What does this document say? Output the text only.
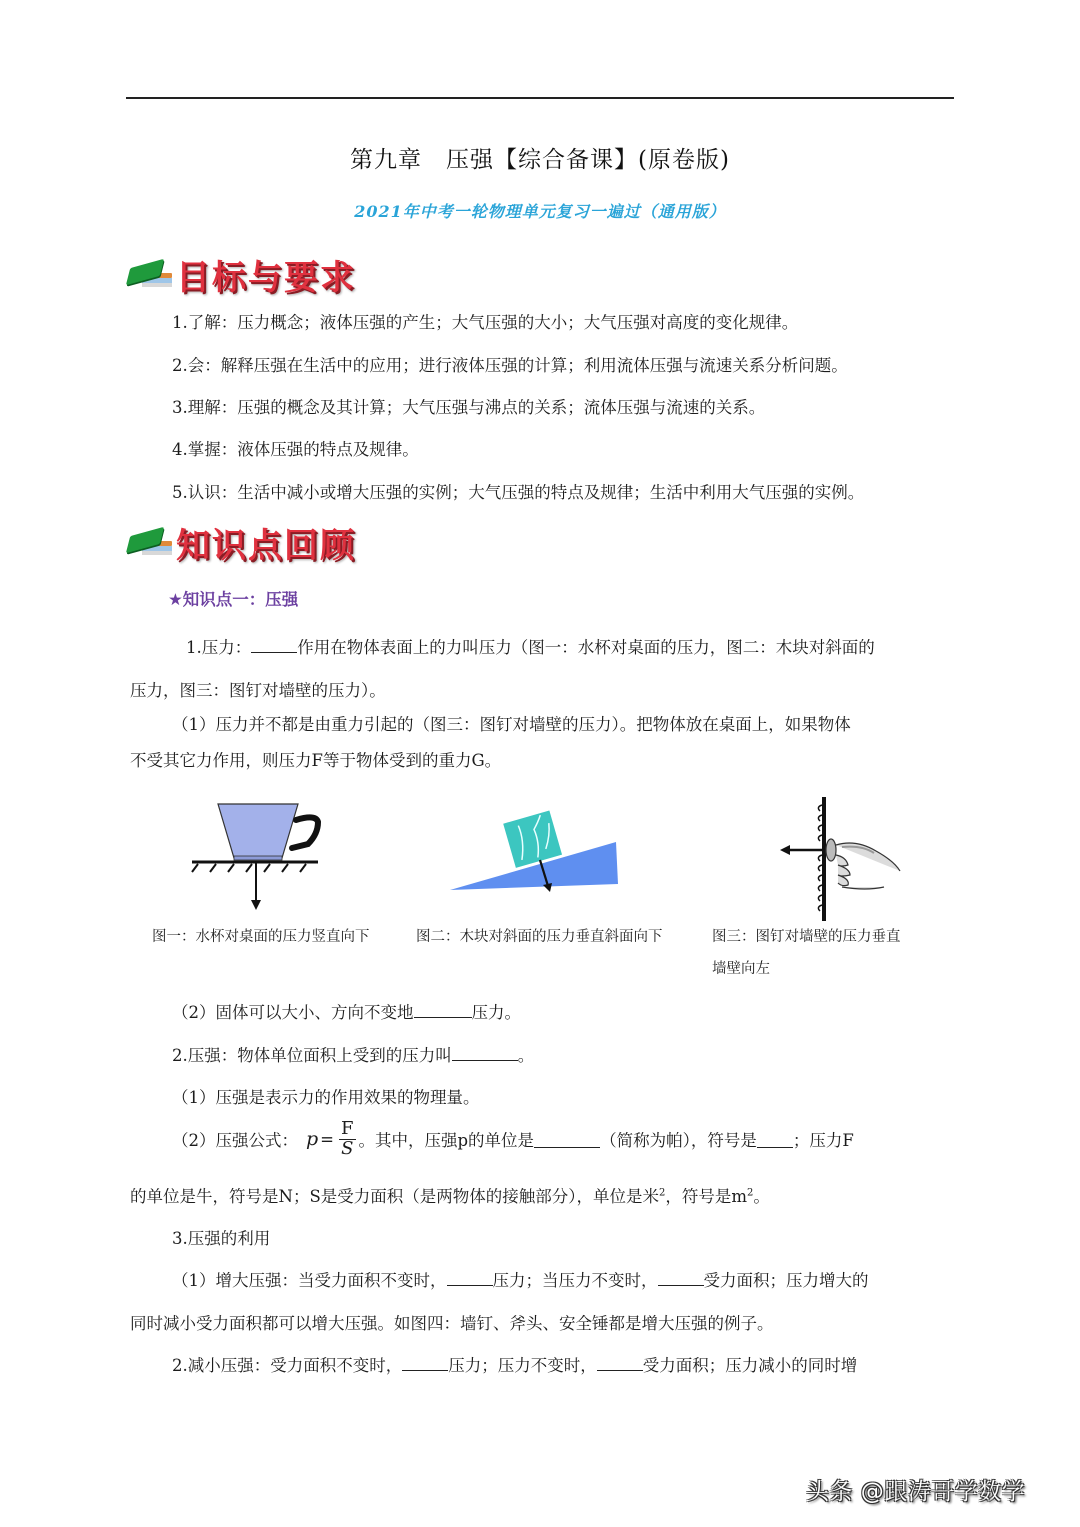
第九章　压强【综合备课】(原卷版)
2021年中考一轮物理单元复习一遍过（通用版）
目标与要求
1.了解：压力概念；液体压强的产生；大气压强的大小；大气压强对高度的变化规律。
2.会：解释压强在生活中的应用；进行液体压强的计算；利用流体压强与流速关系分析问题。
3.理解：压强的概念及其计算；大气压强与沸点的关系；流体压强与流速的关系。
4.掌握：液体压强的特点及规律。
5.认识：生活中减小或增大压强的实例；大气压强的特点及规律；生活中利用大气压强的实例。
知识点回顾
★知识点一：压强
1.压力：	作用在物体表面上的力叫压力（图一：水杯对桌面的压力，图二：木块对斜面的
压力，图三：图钉对墙壁的压力）。
（1）压力并不都是由重力引起的（图三：图钉对墙壁的压力）。把物体放在桌面上，如果物体
不受其它力作用，则压力F等于物体受到的重力G。
图一：水杯对桌面的压力竖直向下	图二：木块对斜面的压力垂直斜面向下	图三：图钉对墙壁的压力垂直
墙壁向左
（2）固体可以大小、方向不变地	压力。
2.压强：物体单位面积上受到的压力叫	。
（1）压强是表示力的作用效果的物理量。
（2）压强公式： $p = \frac{F}{S}$ 。其中，压强p的单位是	（简称为帕），符号是 ；压力F
的单位是牛，符号是N；S是受力面积（是两物体的接触部分），单位是米$^2$，符号是$m^2$。
3.压强的利用
（1）增大压强：当受力面积不变时，	压力；当压力不变时，	受力面积；压力增大的
同时减小受力面积都可以增大压强。如图四：墙钉、斧头、安全锤都是增大压强的例子。
2.减小压强：受力面积不变时，	压力；压力不变时，	受力面积；压力减小的同时增
头条 @跟涛哥学数学
